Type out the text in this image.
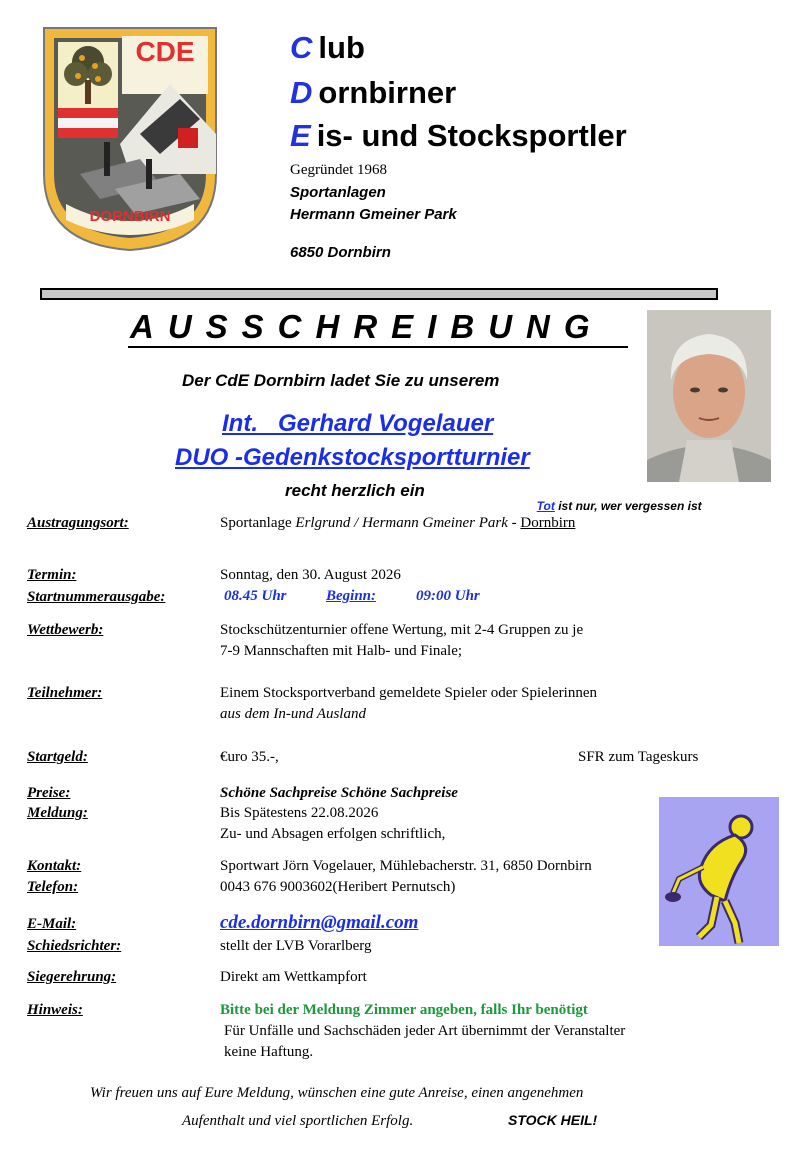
CDE
DORNBIRN
C lub
D ornbirner
E is- und Stocksportler
Gegründet 1968
Sportanlagen
Hermann Gmeiner Park
6850 Dornbirn
AUSSCHREIBUNG
Der CdE Dornbirn ladet Sie zu unserem
Int.   Gerhard Vogelauer
DUO -Gedenkstocksportturnier
recht herzlich ein

Tot ist nur, wer vergessen ist

Austragungsort:	Sportanlage Erlgrund / Hermann Gmeiner Park - Dornbirn
Termin:	Sonntag, den 30. August 2026
Startnummerausgabe:	08.45 Uhr	Beginn:	09:00 Uhr
Wettbewerb:	Stockschützenturnier offene Wertung, mit 2-4 Gruppen zu je
7-9 Mannschaften mit Halb- und Finale;
Teilnehmer:	Einem Stocksportverband gemeldete Spieler oder Spielerinnen
aus dem In-und Ausland
Startgeld:	€uro 35.-,	SFR zum Tageskurs
Preise:	Schöne Sachpreise Schöne Sachpreise
Meldung:	Bis Spätestens 22.08.2026
Zu- und Absagen erfolgen schriftlich,
Kontakt:	Sportwart Jörn Vogelauer, Mühlebacherstr. 31, 6850 Dornbirn
Telefon:	0043 676 9003602(Heribert Pernutsch)
E-Mail:	cde.dornbirn@gmail.com
Schiedsrichter:	stellt der LVB Vorarlberg
Siegerehrung:	Direkt am Wettkampfort
Hinweis:	Bitte bei der Meldung Zimmer angeben, falls Ihr benötigt
Für Unfälle und Sachschäden jeder Art übernimmt der Veranstalter
keine Haftung.
Wir freuen uns auf Eure Meldung, wünschen eine gute Anreise, einen angenehmen
Aufenthalt und viel sportlichen Erfolg.	STOCK HEIL!
